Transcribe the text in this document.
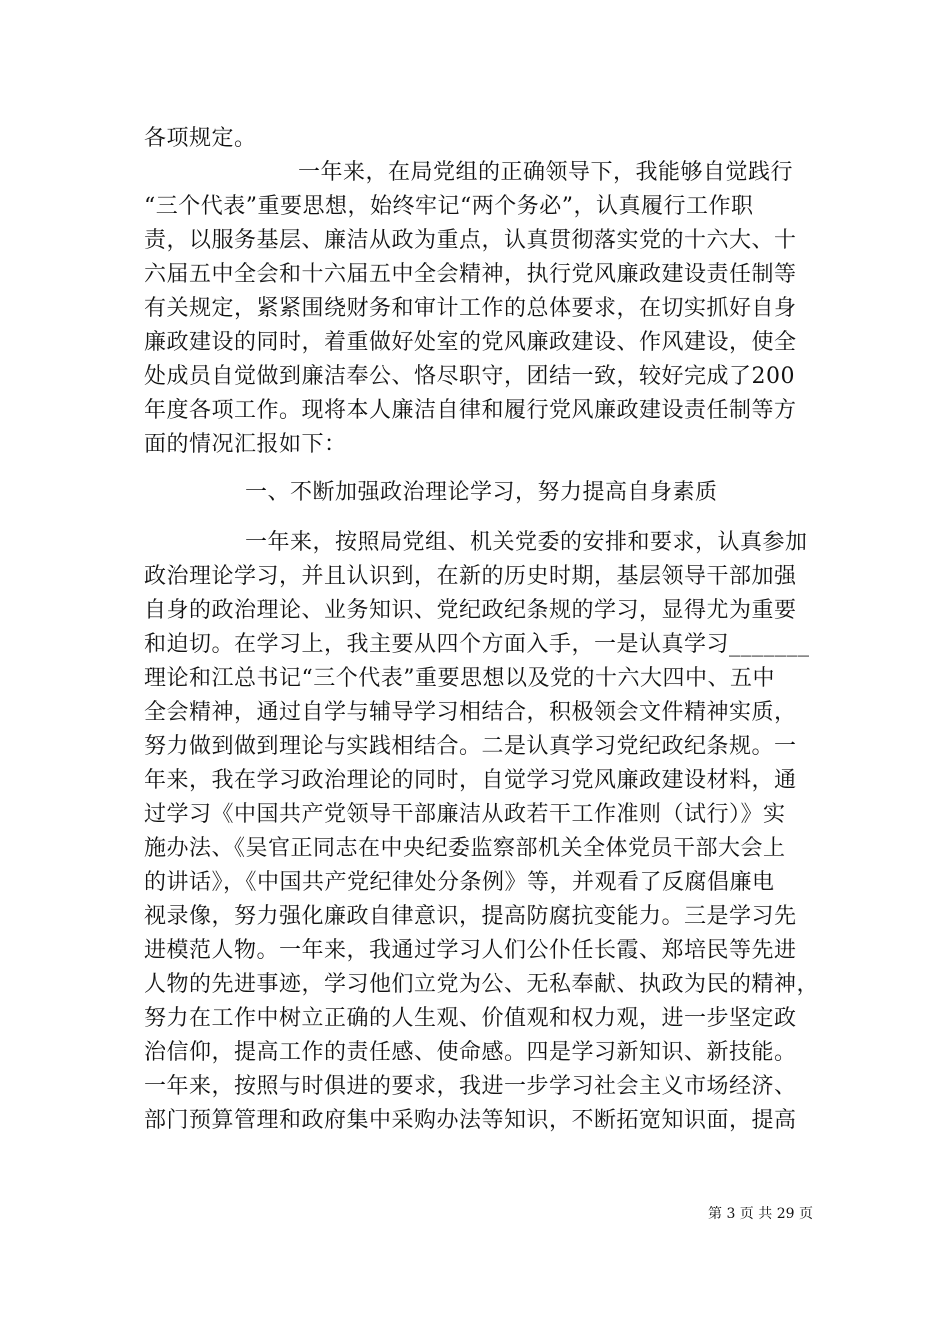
各项规定。
一年来，在局党组的正确领导下，我能够自觉践行
“三个代表”重要思想，始终牢记“两个务必”，认真履行工作职
责，以服务基层、廉洁从政为重点，认真贯彻落实党的十六大、十
六届五中全会和十六届五中全会精神，执行党风廉政建设责任制等
有关规定，紧紧围绕财务和审计工作的总体要求，在切实抓好自身
廉政建设的同时，着重做好处室的党风廉政建设、作风建设，使全
处成员自觉做到廉洁奉公、恪尽职守，团结一致，较好完成了200
年度各项工作。现将本人廉洁自律和履行党风廉政建设责任制等方
面的情况汇报如下：
一、不断加强政治理论学习，努力提高自身素质
一年来，按照局党组、机关党委的安排和要求，认真参加
政治理论学习，并且认识到，在新的历史时期，基层领导干部加强
自身的政治理论、业务知识、党纪政纪条规的学习，显得尤为重要
和迫切。在学习上，我主要从四个方面入手，一是认真学习_______
理论和江总书记“三个代表”重要思想以及党的十六大四中、五中
全会精神，通过自学与辅导学习相结合，积极领会文件精神实质，
努力做到做到理论与实践相结合。二是认真学习党纪政纪条规。一
年来，我在学习政治理论的同时，自觉学习党风廉政建设材料，通
过学习《中国共产党领导干部廉洁从政若干工作准则（试行）》实
施办法、《吴官正同志在中央纪委监察部机关全体党员干部大会上
的讲话》，《中国共产党纪律处分条例》等，并观看了反腐倡廉电
视录像，努力强化廉政自律意识，提高防腐抗变能力。三是学习先
进模范人物。一年来，我通过学习人们公仆任长霞、郑培民等先进
人物的先进事迹，学习他们立党为公、无私奉献、执政为民的精神，
努力在工作中树立正确的人生观、价值观和权力观，进一步坚定政
治信仰，提高工作的责任感、使命感。四是学习新知识、新技能。
一年来，按照与时俱进的要求，我进一步学习社会主义市场经济、
部门预算管理和政府集中采购办法等知识，不断拓宽知识面，提高
第 3 页 共 29 页
